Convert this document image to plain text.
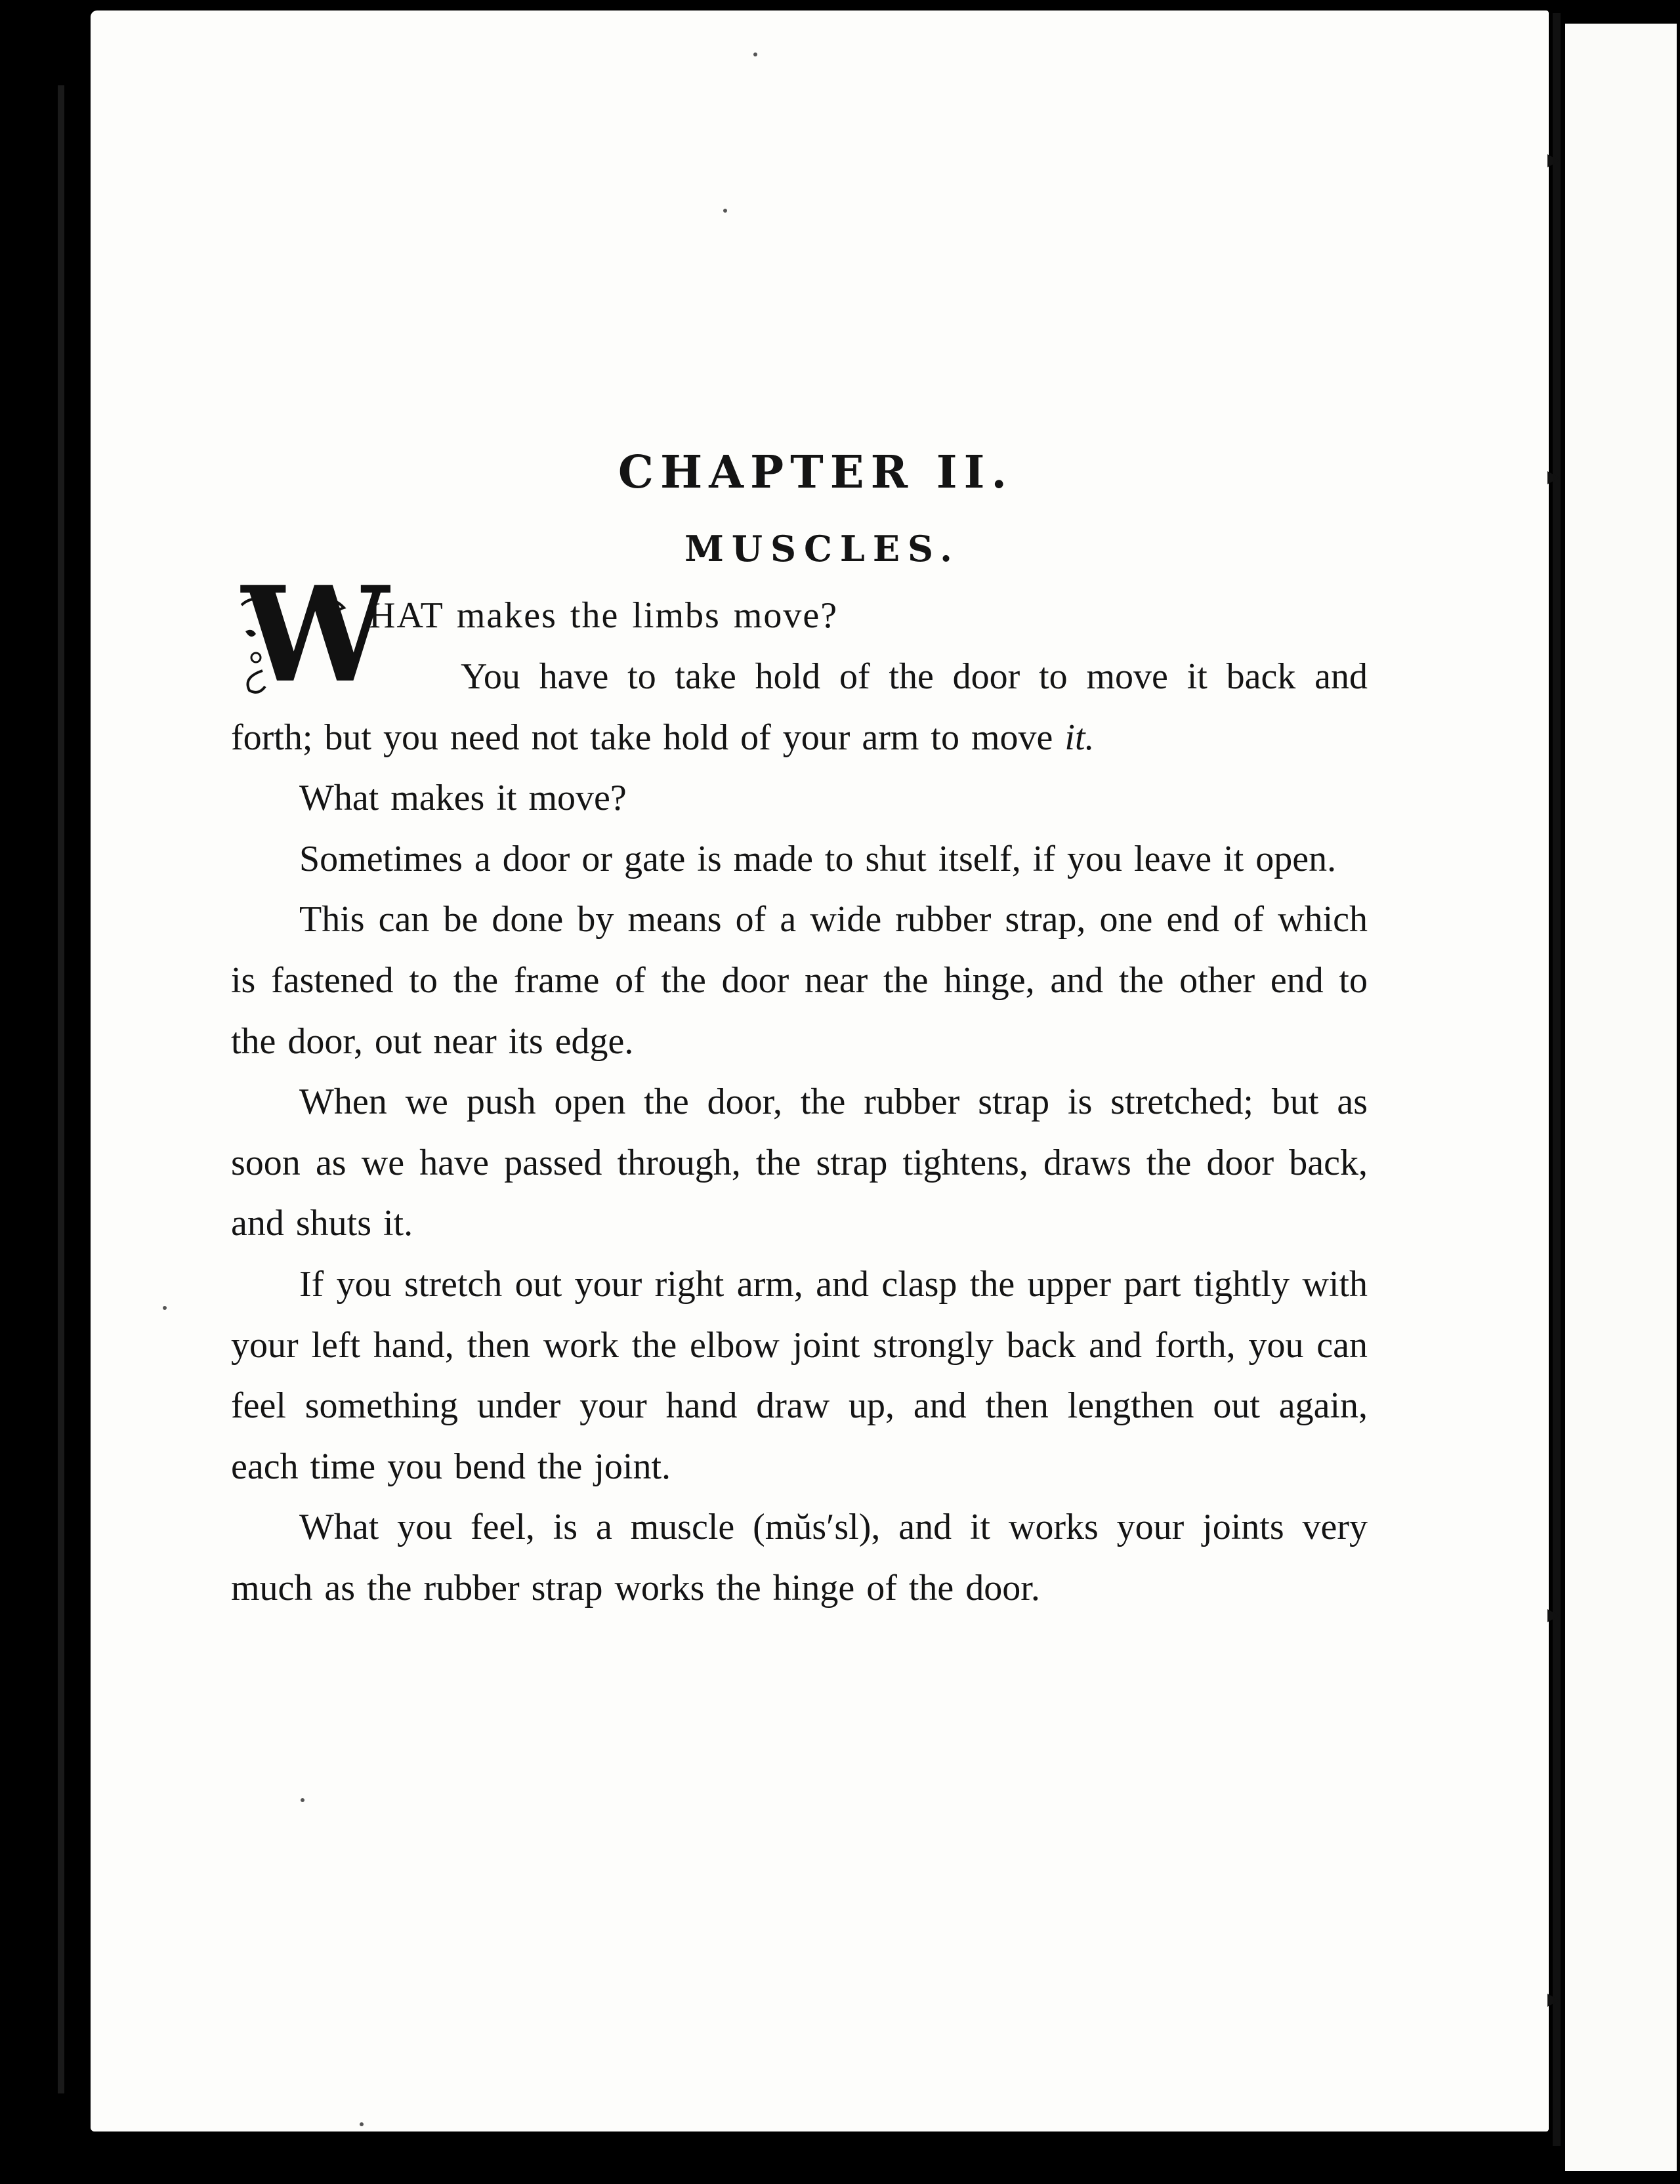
CHAPTER II.
MUSCLES.
W

HAT makes the limbs move?

You have to take hold of the door to move it back and forth; but you need not take hold of your arm to move it.

What makes it move?

Sometimes a door or gate is made to shut itself, if you leave it open.

This can be done by means of a wide rubber strap, one end of which is fastened to the frame of the door near the hinge, and the other end to the door, out near its edge.

When we push open the door, the rubber strap is stretched; but as soon as we have passed through, the strap tightens, draws the door back, and shuts it.

If you stretch out your right arm, and clasp the upper part tightly with your left hand, then work the elbow joint strongly back and forth, you can feel something under your hand draw up, and then lengthen out again, each time you bend the joint.

What you feel, is a muscle (mŭs′sl), and it works your joints very much as the rubber strap works the hinge of the door.
